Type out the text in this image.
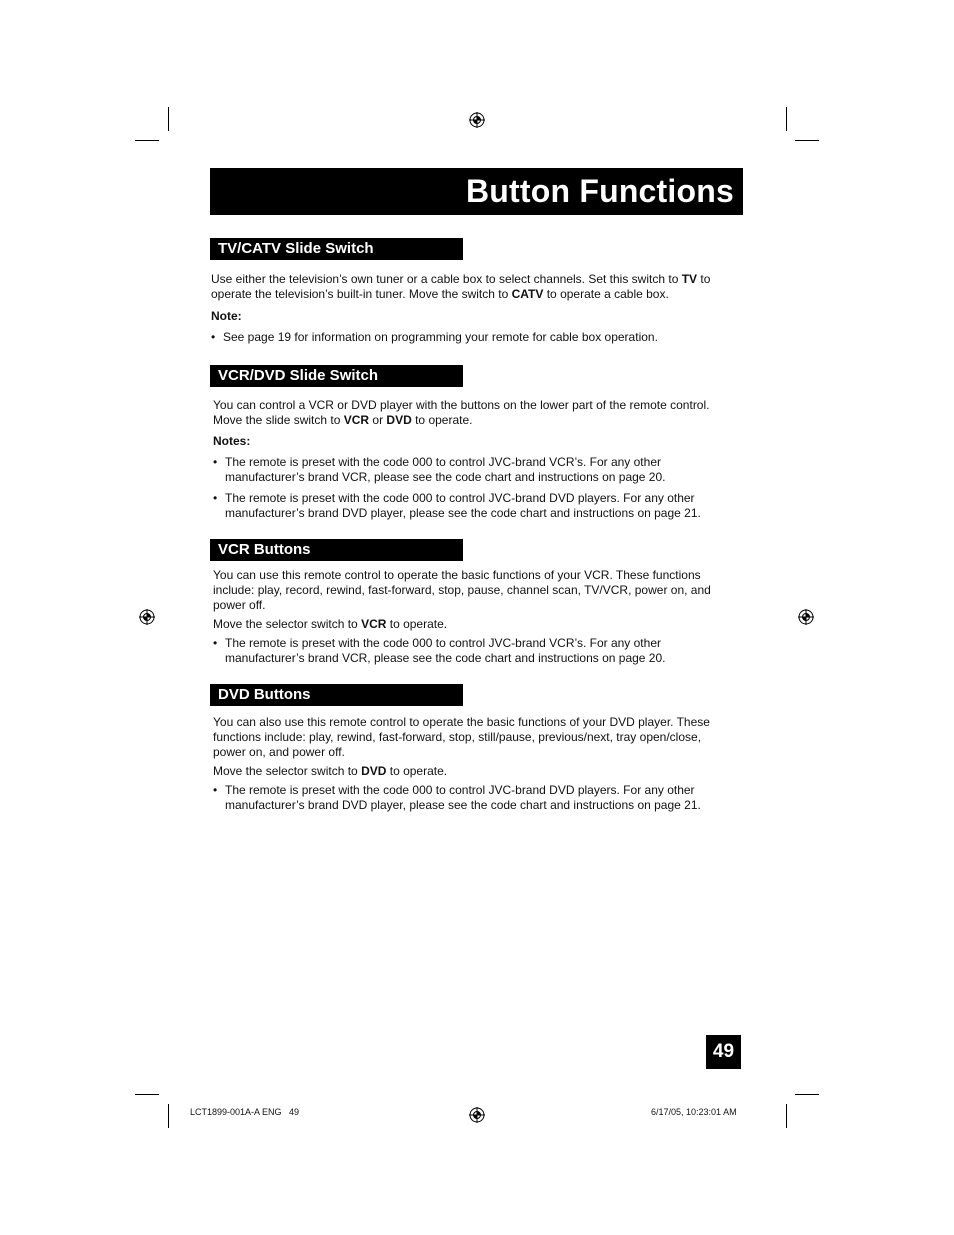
Button Functions
TV/CATV Slide Switch
Use either the television’s own tuner or a cable box to select channels. Set this switch to TV to
operate the television’s built-in tuner. Move the switch to CATV to operate a cable box.
Note:
• See page 19 for information on programming your remote for cable box operation.
VCR/DVD Slide Switch
You can control a VCR or DVD player with the buttons on the lower part of the remote control.
Move the slide switch to VCR or DVD to operate.
Notes:
• The remote is preset with the code 000 to control JVC-brand VCR’s. For any other
manufacturer’s brand VCR, please see the code chart and instructions on page 20.
• The remote is preset with the code 000 to control JVC-brand DVD players. For any other
manufacturer’s brand DVD player, please see the code chart and instructions on page 21.
VCR Buttons
You can use this remote control to operate the basic functions of your VCR. These functions
include: play, record, rewind, fast-forward, stop, pause, channel scan, TV/VCR, power on, and
power off.
Move the selector switch to VCR to operate.
• The remote is preset with the code 000 to control JVC-brand VCR’s. For any other
manufacturer’s brand VCR, please see the code chart and instructions on page 20.
DVD Buttons
You can also use this remote control to operate the basic functions of your DVD player. These
functions include: play, rewind, fast-forward, stop, still/pause, previous/next, tray open/close,
power on, and power off.
Move the selector switch to DVD to operate.
• The remote is preset with the code 000 to control JVC-brand DVD players. For any other
manufacturer’s brand DVD player, please see the code chart and instructions on page 21.
49
LCT1899-001A-A ENG   49	6/17/05, 10:23:01 AM
